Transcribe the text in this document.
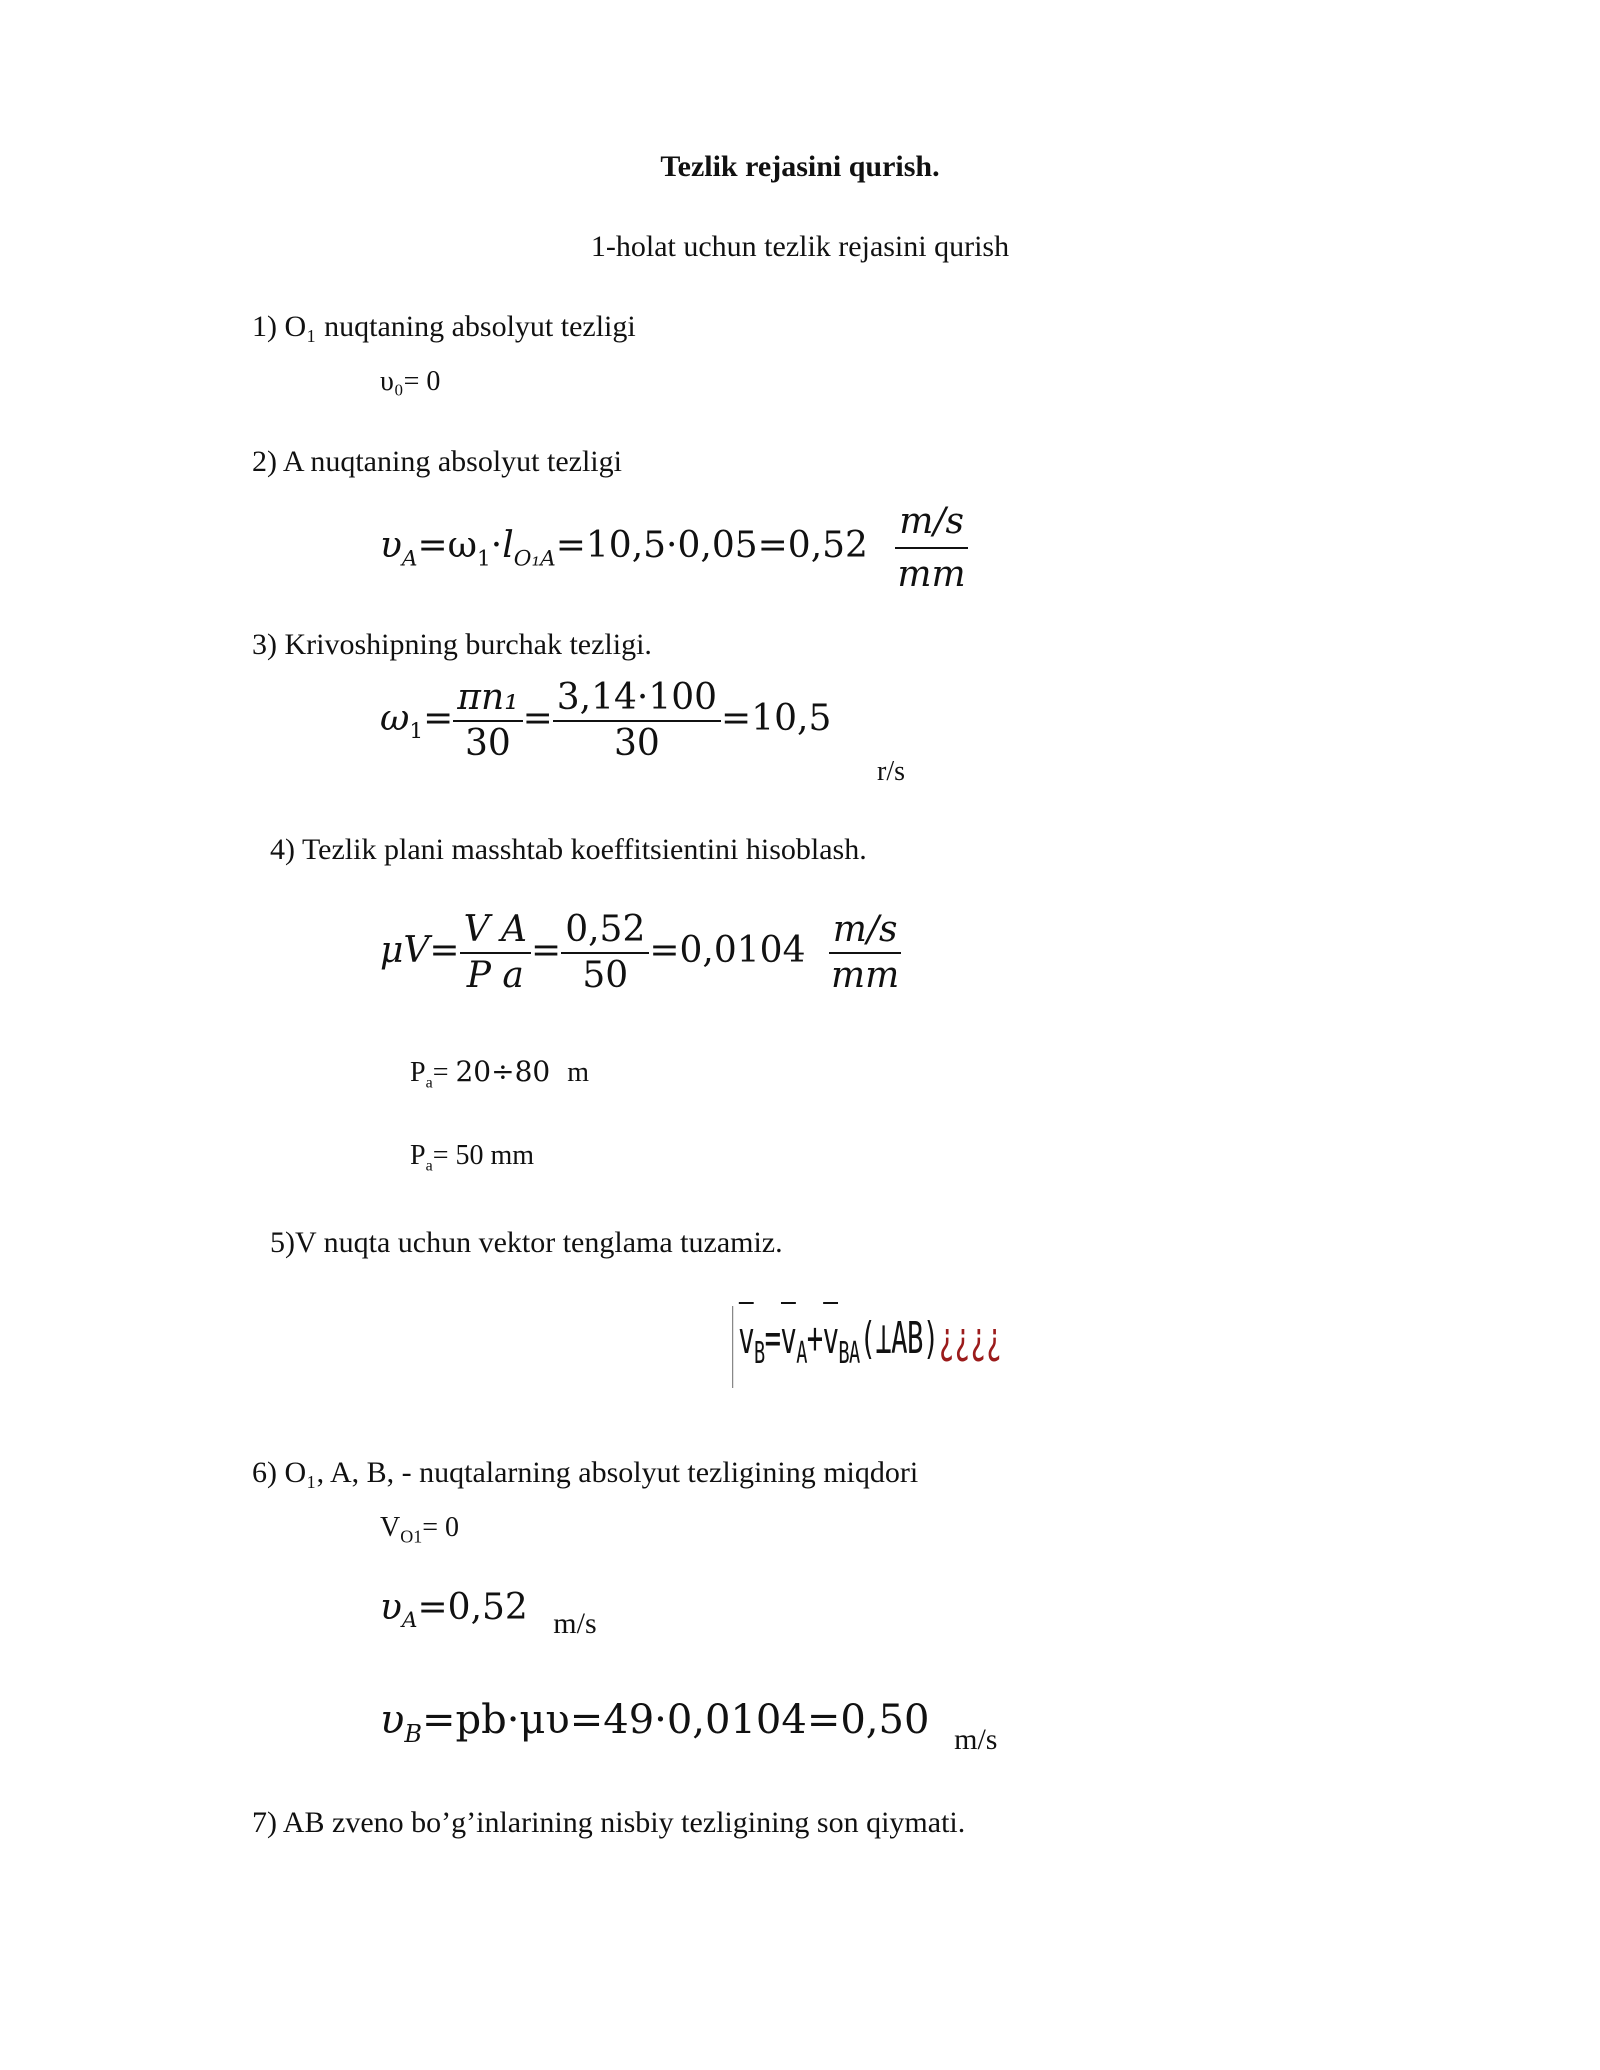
Tezlik rejasini qurish.
1-holat uchun tezlik rejasini qurish
1) O₁ nuqtaning absolyut tezligi
υ₀= 0
2) A nuqtaning absolyut tezligi
$\upsilon_A=\omega_1\cdot l_{O_1A}=10,5\cdot 0,05=0,52 \frac{m/s}{mm}$
3) Krivoshipning burchak tezligi.
$\omega_1= \frac{\text{πn₁}}{30} = \frac{3,14\cdot 100}{30} =10,5$
r/s
4) Tezlik plani masshtab koeffitsientini hisoblash.
$\mu V= \frac{\text{V A}}{\text{P a}} = \frac{0,52}{50} =0,0104 \frac{m/s}{mm}$
$P_a= 20\div 80$ m
$P_a= 50$ mm
5)V nuqta uchun vektor tenglama tuzamiz.
$v_B=v_A+v_{BA}(\perp AB)¿¿¿¿$
6) O₁, A, B, - nuqtalarning absolyut tezligining miqdori
$V_{O1}= 0$
$\upsilon_A=0,52$ $_{m/s}$
$\upsilon_B=pb\cdot\mu\upsilon=49\cdot 0,0104=0,50$ $_{m/s}$
7) AB zveno bo’g’inlarining nisbiy tezligining son qiymati.
